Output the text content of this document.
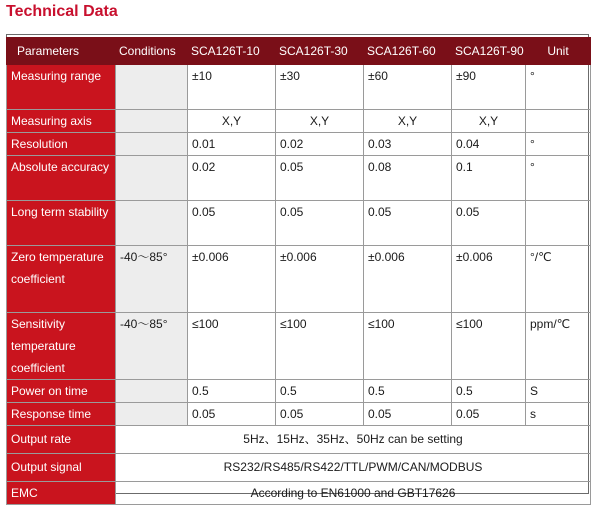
Technical Data
Parameters	Conditions	SCA126T-10	SCA126T-30	SCA126T-60	SCA126T-90	Unit
Measuring range		±10	±30	±60	±90	°
Measuring axis		X,Y	X,Y	X,Y	X,Y	
Resolution		0.01	0.02	0.03	0.04	°
Absolute accuracy		0.02	0.05	0.08	0.1	°
Long term stability		0.05	0.05	0.05	0.05	
Zero temperature coefficient	-40～85°	±0.006	±0.006	±0.006	±0.006	°/℃
Sensitivity temperature coefficient	-40～85°	≤100	≤100	≤100	≤100	ppm/℃
Power on time		0.5	0.5	0.5	0.5	S
Response time		0.05	0.05	0.05	0.05	s
Output rate	5Hz、15Hz、35Hz、50Hz can be setting					
Output signal	RS232/RS485/RS422/TTL/PWM/CAN/MODBUS					
EMC	According to EN61000 and GBT17626					
